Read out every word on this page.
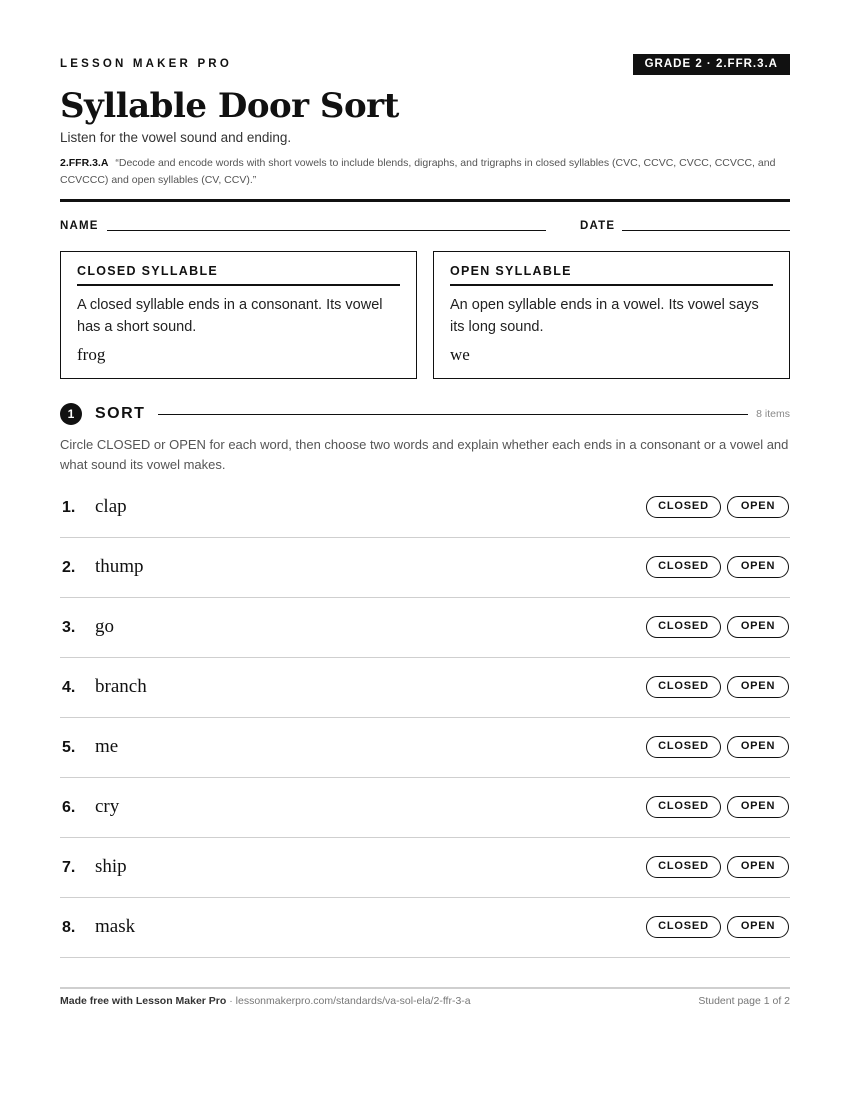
LESSON MAKER PRO	GRADE 2 · 2.FFR.3.A
Syllable Door Sort
Listen for the vowel sound and ending.
2.FFR.3.A “Decode and encode words with short vowels to include blends, digraphs, and trigraphs in closed syllables (CVC, CCVC, CVCC, CCVCC, and CCVCCC) and open syllables (CV, CCV).”
NAME	DATE
CLOSED SYLLABLE
A closed syllable ends in a consonant. Its vowel has a short sound.
frog
OPEN SYLLABLE
An open syllable ends in a vowel. Its vowel says its long sound.
we
1	SORT	8 items
Circle CLOSED or OPEN for each word, then choose two words and explain whether each ends in a consonant or a vowel and what sound its vowel makes.
1. clap	CLOSED	OPEN
2. thump	CLOSED	OPEN
3. go	CLOSED	OPEN
4. branch	CLOSED	OPEN
5. me	CLOSED	OPEN
6. cry	CLOSED	OPEN
7. ship	CLOSED	OPEN
8. mask	CLOSED	OPEN
Made free with Lesson Maker Pro · lessonmakerpro.com/standards/va-sol-ela/2-ffr-3-a	Student page 1 of 2
